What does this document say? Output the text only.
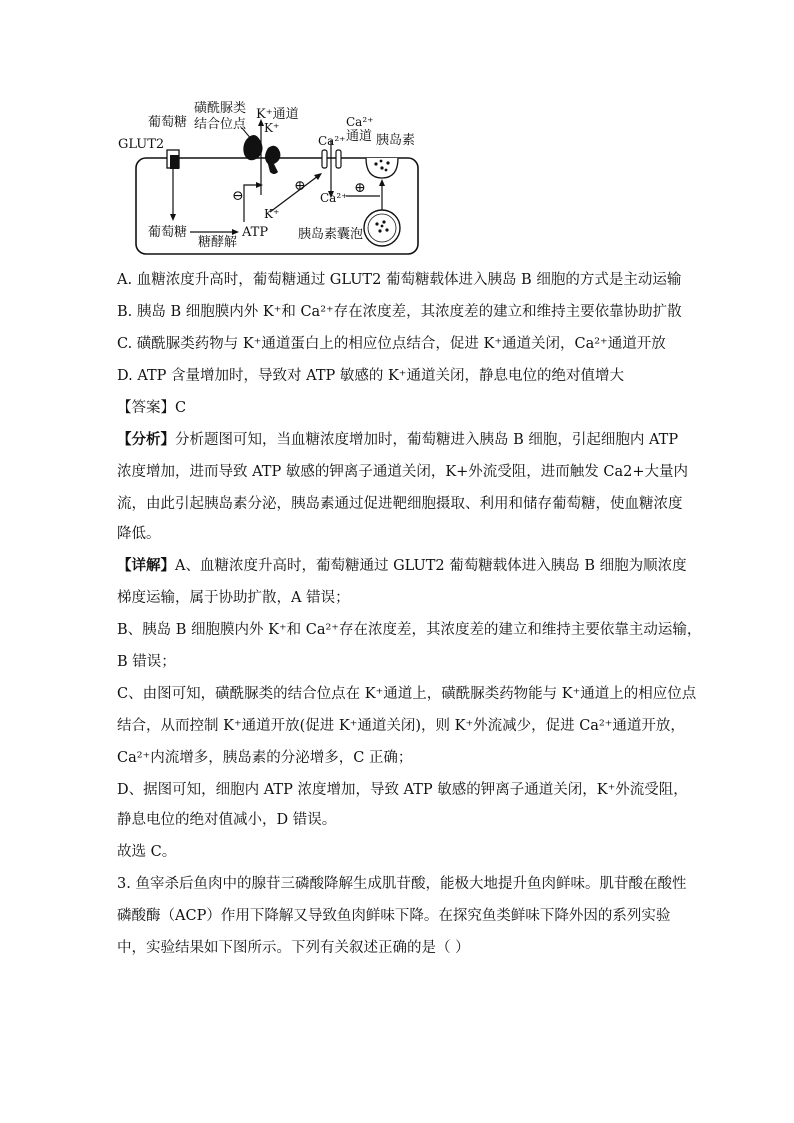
葡萄糖
GLUT2
磺酰脲类
结合位点
K⁺通道
K⁺	Ca²⁺
通道
Ca²⁺ 胰岛素
⊖
⊕	⊕
K⁺
Ca²⁺
葡萄糖
糖酵解
ATP 胰岛素囊泡
A. 血糖浓度升高时，葡萄糖通过 GLUT2 葡萄糖载体进入胰岛 B 细胞的方式是主动运输
B. 胰岛 B 细胞膜内外 K⁺和 Ca²⁺存在浓度差，其浓度差的建立和维持主要依靠协助扩散
C. 磺酰脲类药物与 K⁺通道蛋白上的相应位点结合，促进 K⁺通道关闭，Ca²⁺通道开放
D. ATP 含量增加时，导致对 ATP 敏感的 K⁺通道关闭，静息电位的绝对值增大
【答案】C
【分析】分析题图可知，当血糖浓度增加时，葡萄糖进入胰岛 B 细胞，引起细胞内 ATP
浓度增加，进而导致 ATP 敏感的钾离子通道关闭，K+外流受阻，进而触发 Ca2+大量内
流，由此引起胰岛素分泌，胰岛素通过促进靶细胞摄取、利用和储存葡萄糖，使血糖浓度
降低。
【详解】A、血糖浓度升高时，葡萄糖通过 GLUT2 葡萄糖载体进入胰岛 B 细胞为顺浓度
梯度运输，属于协助扩散，A 错误；
B、胰岛 B 细胞膜内外 K⁺和 Ca²⁺存在浓度差，其浓度差的建立和维持主要依靠主动运输，
B 错误；
C、由图可知，磺酰脲类的结合位点在 K⁺通道上，磺酰脲类药物能与 K⁺通道上的相应位点
结合，从而控制 K⁺通道开放(促进 K⁺通道关闭)，则 K⁺外流减少，促进 Ca²⁺通道开放，
Ca²⁺内流增多，胰岛素的分泌增多，C 正确；
D、据图可知，细胞内 ATP 浓度增加，导致 ATP 敏感的钾离子通道关闭，K⁺外流受阻，
静息电位的绝对值减小，D 错误。
故选 C。
3. 鱼宰杀后鱼肉中的腺苷三磷酸降解生成肌苷酸，能极大地提升鱼肉鲜味。肌苷酸在酸性
磷酸酶（ACP）作用下降解又导致鱼肉鲜味下降。在探究鱼类鲜味下降外因的系列实验
中，实验结果如下图所示。下列有关叙述正确的是（ ）
